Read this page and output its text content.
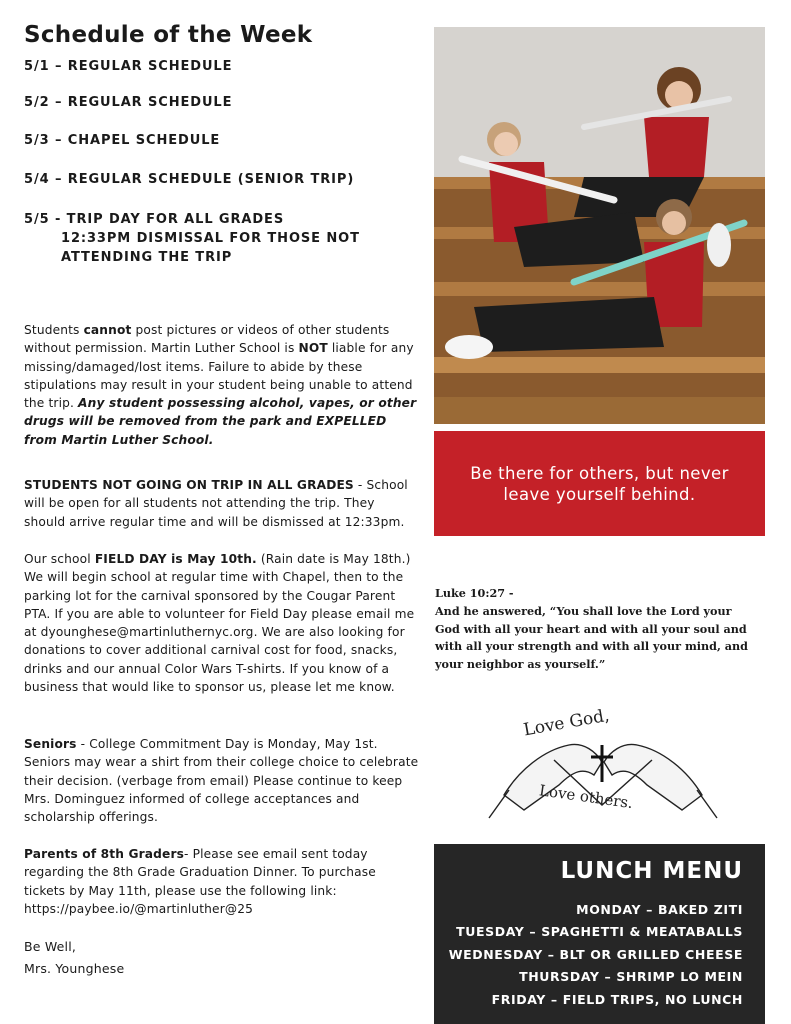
Schedule of the Week
5/1 – REGULAR SCHEDULE
5/2 – REGULAR SCHEDULE
5/3 – CHAPEL SCHEDULE
5/4 – REGULAR SCHEDULE (SENIOR TRIP)
5/5 - TRIP DAY FOR ALL GRADES
12:33PM DISMISSAL FOR THOSE NOT
ATTENDING THE TRIP

Students cannot post pictures or videos of other students without permission. Martin Luther School is NOT liable for any missing/damaged/lost items. Failure to abide by these stipulations may result in your student being unable to attend the trip. Any student possessing alcohol, vapes, or other drugs will be removed from the park and EXPELLED from Martin Luther School.

STUDENTS NOT GOING ON TRIP IN ALL GRADES - School will be open for all students not attending the trip. They should arrive regular time and will be dismissed at 12:33pm.

Our school FIELD DAY is May 10th. (Rain date is May 18th.) We will begin school at regular time with Chapel, then to the parking lot for the carnival sponsored by the Cougar Parent PTA. If you are able to volunteer for Field Day please email me at dyounghese@martinluthernyc.org. We are also looking for donations to cover additional carnival cost for food, snacks, drinks and our annual Color Wars T-shirts. If you know of a business that would like to sponsor us, please let me know.

Seniors - College Commitment Day is Monday, May 1st. Seniors may wear a shirt from their college choice to celebrate their decision. (verbage from email) Please continue to keep Mrs. Dominguez informed of college acceptances and scholarship offerings.

Parents of 8th Graders- Please see email sent today regarding the 8th Grade Graduation Dinner. To purchase tickets by May 11th, please use the following link: https://paybee.io/@martinluther@25

Be Well,
Mrs. Younghese
Be there for others, but never leave yourself behind.

Luke 10:27 -

And he answered, “You shall love the Lord your God with all your heart and with all your soul and with all your strength and with all your mind, and your neighbor as yourself.”

Love God,
Love others.
LUNCH MENU
MONDAY – BAKED ZITI
TUESDAY – SPAGHETTI & MEATABALLS
WEDNESDAY – BLT OR GRILLED CHEESE
THURSDAY – SHRIMP LO MEIN
FRIDAY – FIELD TRIPS, NO LUNCH
